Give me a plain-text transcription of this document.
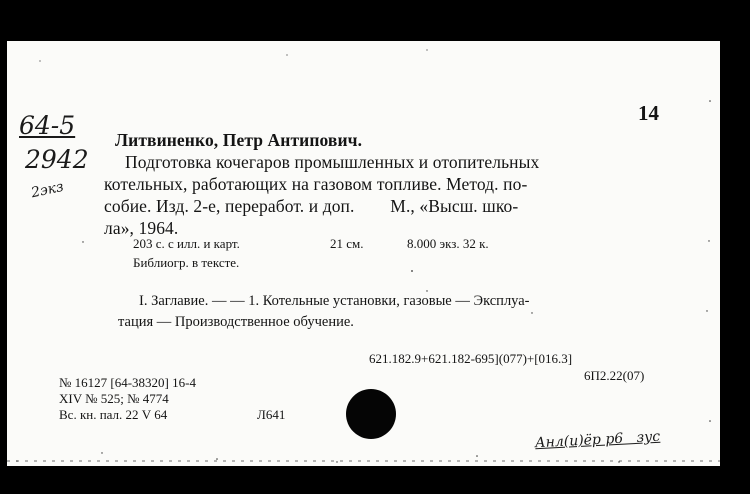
64-5
2942
2экз
14
Литвиненко, Петр Антипович.
Подготовка кочегаров промышленных и отопительных
котельных, работающих на газовом топливе. Метод. по-
собие. Изд. 2-е, переработ. и доп.        М., «Высш. шко-
ла», 1964.
203 с. с илл. и карт.	21 см.	8.000 экз. 32 к.
Библиогр. в тексте.
I. Заглавие. — — 1. Котельные установки, газовые — Эксплуа-
тация — Производственное обучение.
621.182.9+621.182-695](077)+[016.3]
6П2.22(07)
№ 16127 [64-38320] 16-4
XIV № 525; № 4774
Вс. кн. пал. 22 V 64	Л641
Анл(u)ёр р6   зус
